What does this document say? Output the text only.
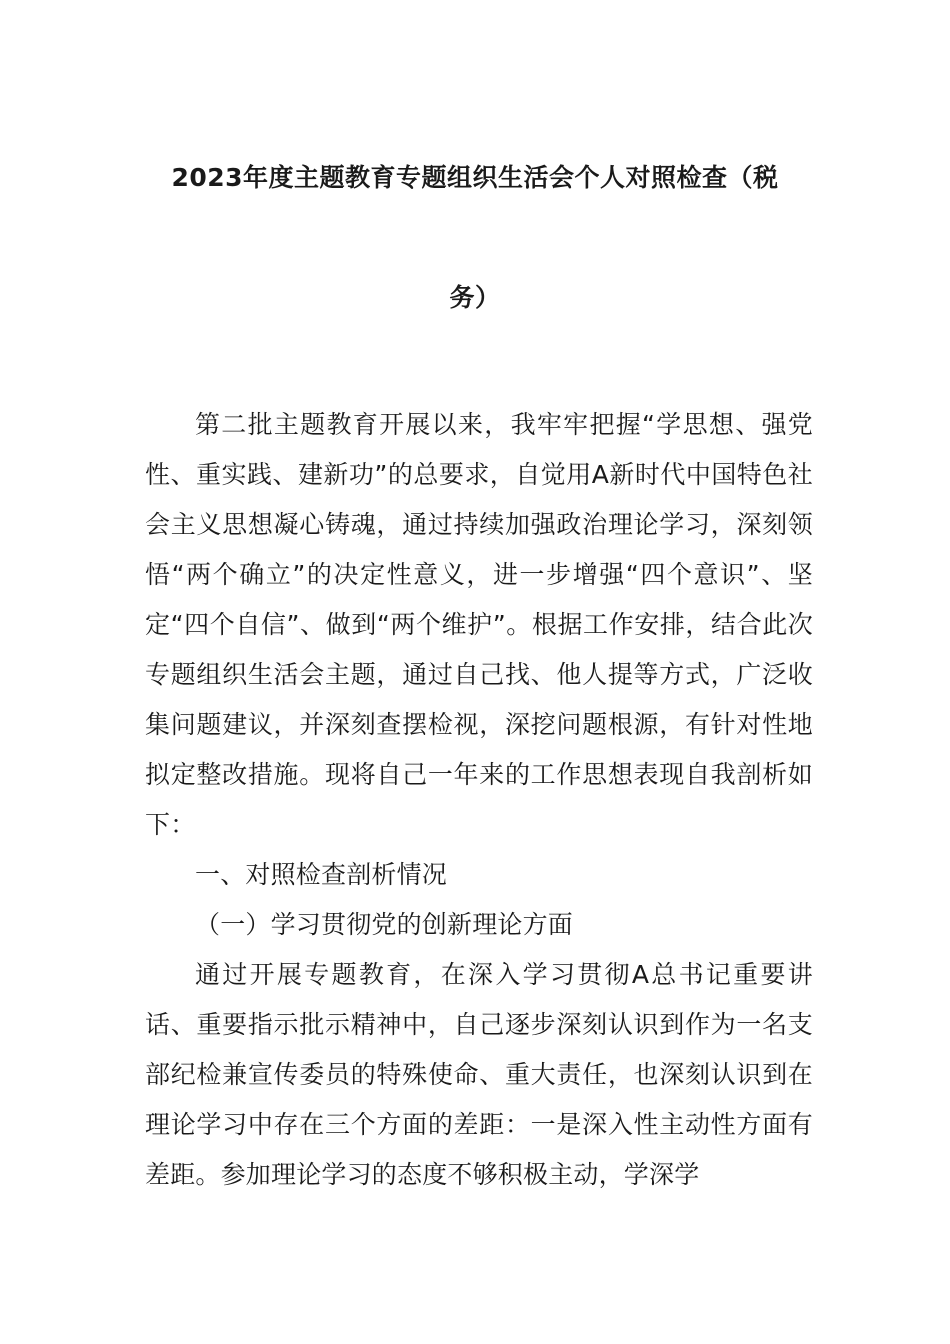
2023年度主题教育专题组织生活会个人对照检查（税
务）

第二批主题教育开展以来，我牢牢把握“学思想、强党性、重实践、建新功”的总要求，自觉用A新时代中国特色社会主义思想凝心铸魂，通过持续加强政治理论学习，深刻领悟“两个确立”的决定性意义，进一步增强“四个意识”、坚定“四个自信”、做到“两个维护”。根据工作安排，结合此次专题组织生活会主题，通过自己找、他人提等方式，广泛收集问题建议，并深刻查摆检视，深挖问题根源，有针对性地拟定整改措施。现将自己一年来的工作思想表现自我剖析如下：

一、对照检查剖析情况

（一）学习贯彻党的创新理论方面

通过开展专题教育，在深入学习贯彻A总书记重要讲话、重要指示批示精神中，自己逐步深刻认识到作为一名支部纪检兼宣传委员的特殊使命、重大责任，也深刻认识到在理论学习中存在三个方面的差距：一是深入性主动性方面有差距。参加理论学习的态度不够积极主动，学深学
